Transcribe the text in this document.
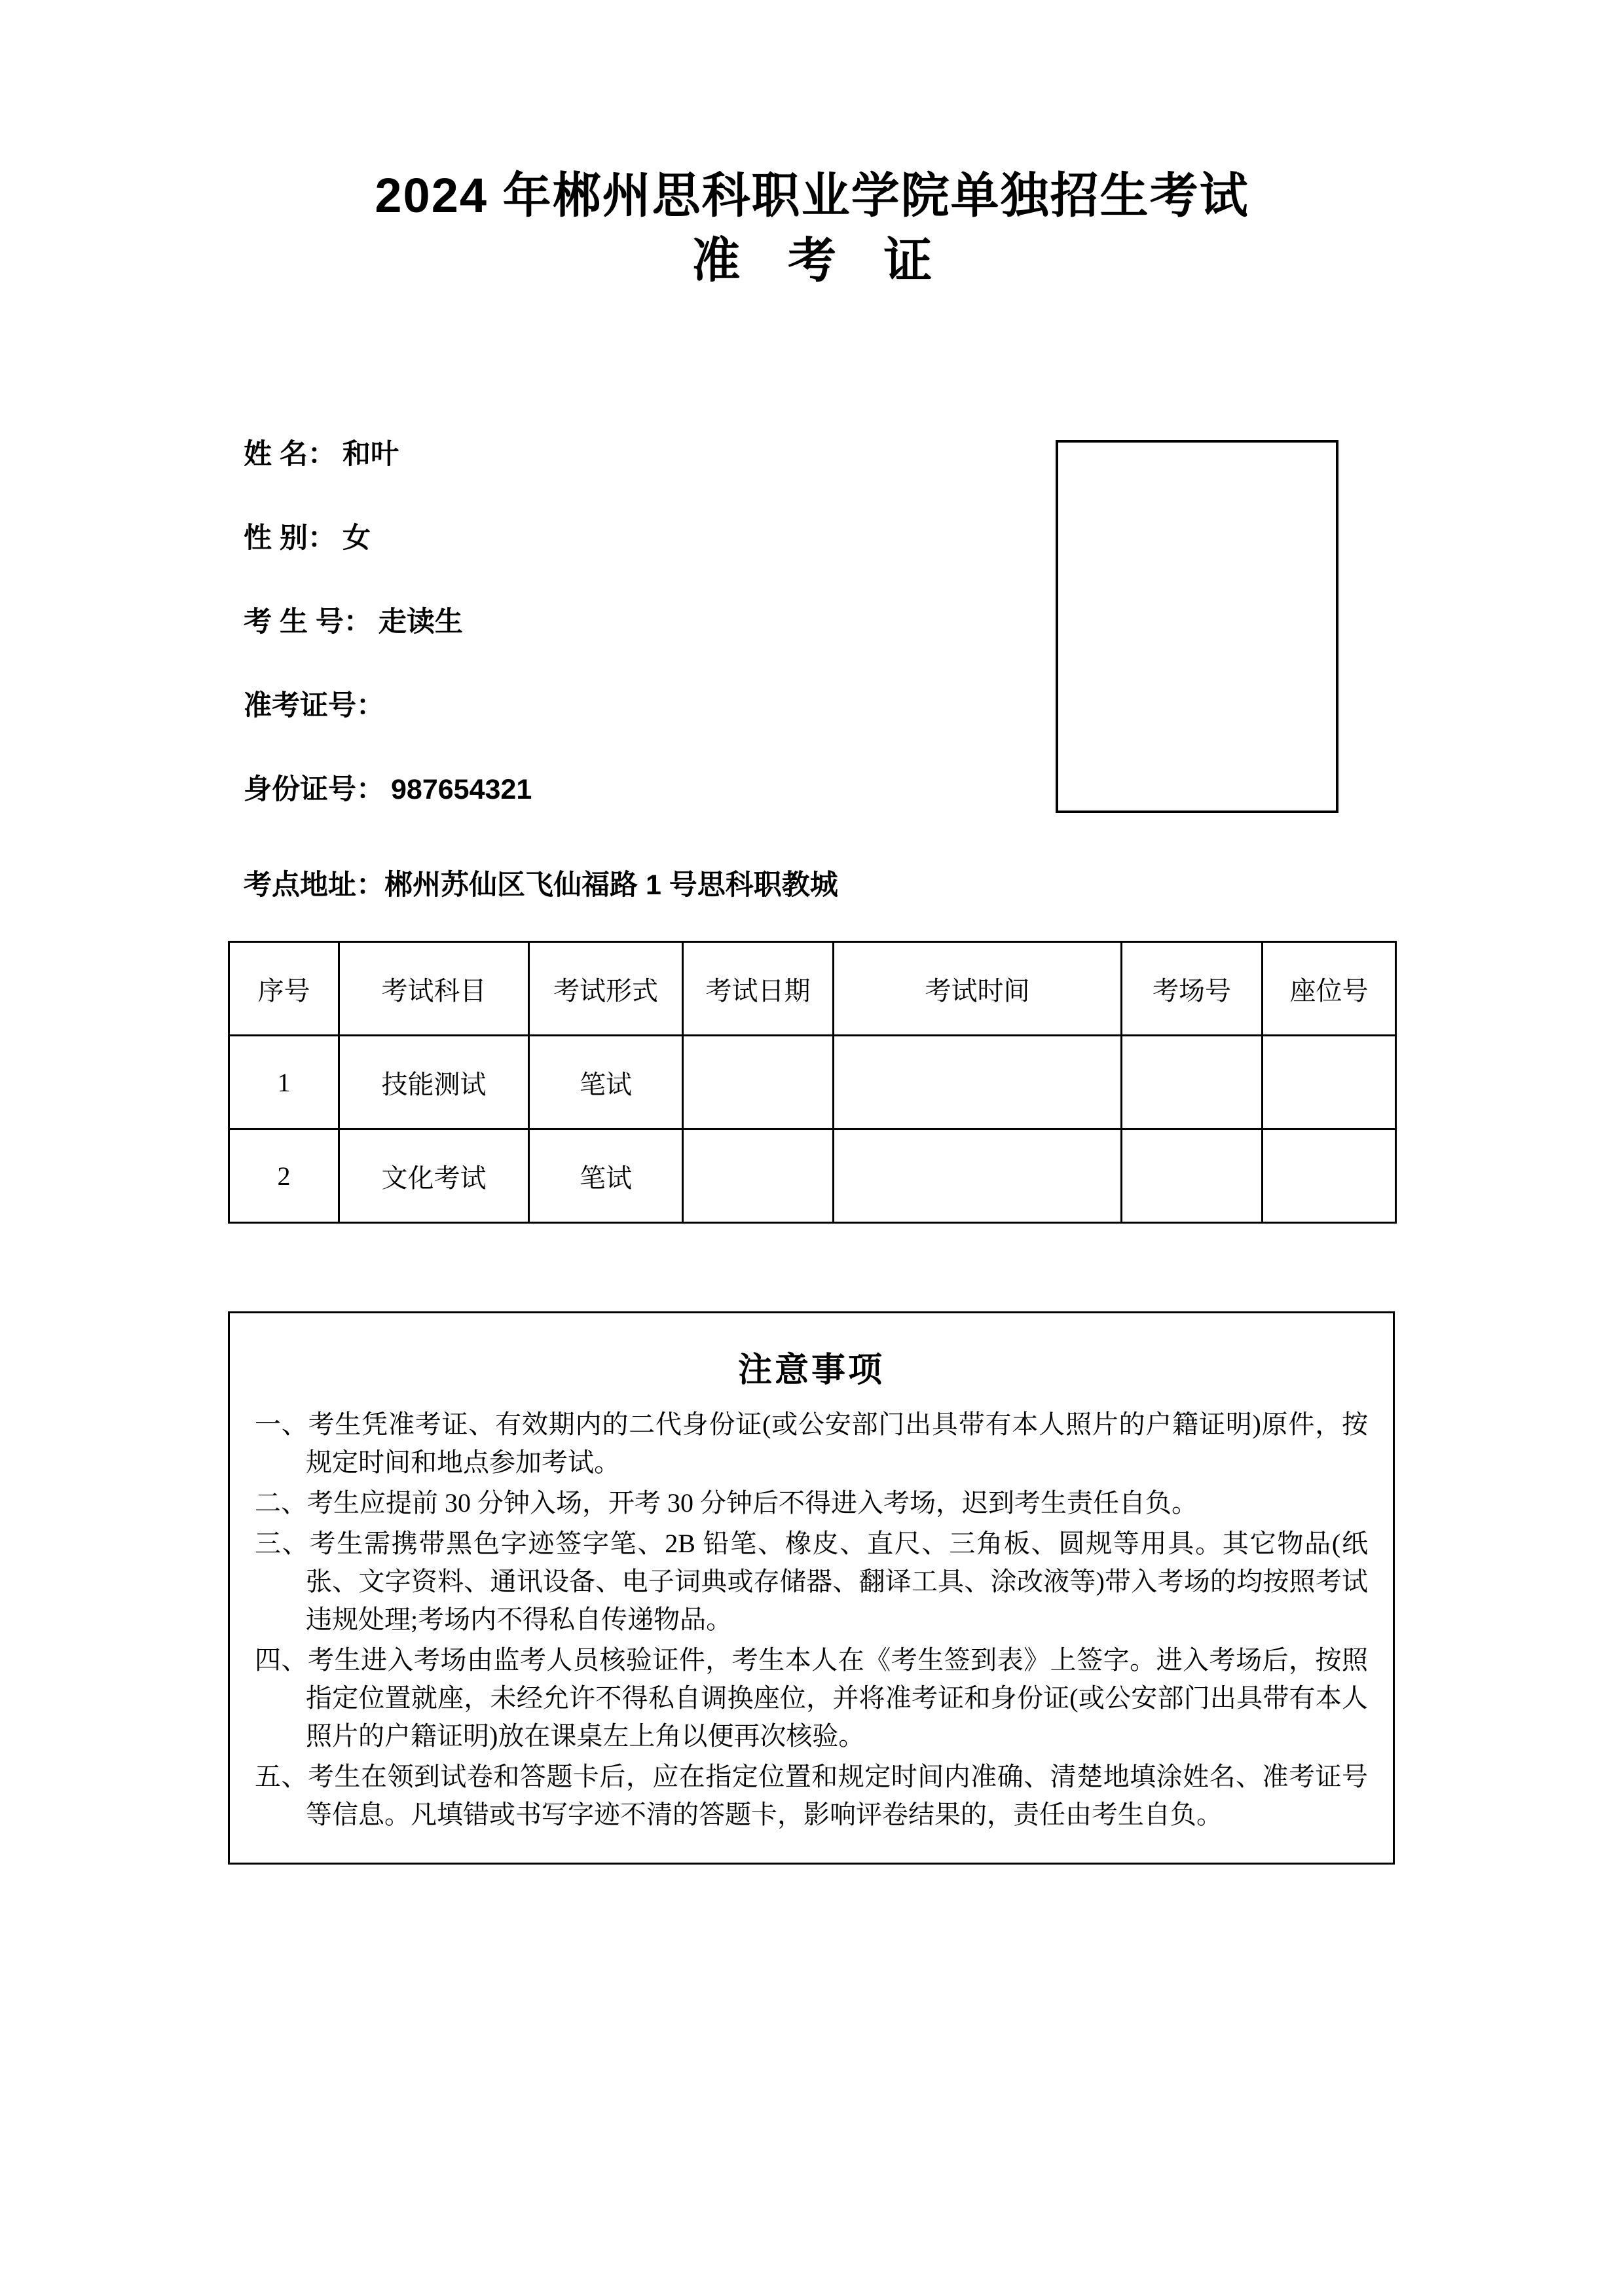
2024 年郴州思科职业学院单独招生考试
准 考 证
姓 名： 和叶
性 别： 女
考 生 号： 走读生
准考证号：
身份证号： 987654321
考点地址：郴州苏仙区飞仙福路 1 号思科职教城
序号	考试科目	考试形式	考试日期	考试时间	考场号	座位号
1	技能测试	笔试				
2	文化考试	笔试				
注意事项

一、考生凭准考证、有效期内的二代身份证(或公安部门出具带有本人照片的户籍证明)原件，按规定时间和地点参加考试。

二、考生应提前 30 分钟入场，开考 30 分钟后不得进入考场，迟到考生责任自负。

三、考生需携带黑色字迹签字笔、2B 铅笔、橡皮、直尺、三角板、圆规等用具。其它物品(纸张、文字资料、通讯设备、电子词典或存储器、翻译工具、涂改液等)带入考场的均按照考试违规处理;考场内不得私自传递物品。

四、考生进入考场由监考人员核验证件，考生本人在《考生签到表》上签字。进入考场后，按照指定位置就座，未经允许不得私自调换座位，并将准考证和身份证(或公安部门出具带有本人照片的户籍证明)放在课桌左上角以便再次核验。

五、考生在领到试卷和答题卡后，应在指定位置和规定时间内准确、清楚地填涂姓名、准考证号等信息。凡填错或书写字迹不清的答题卡，影响评卷结果的，责任由考生自负。
